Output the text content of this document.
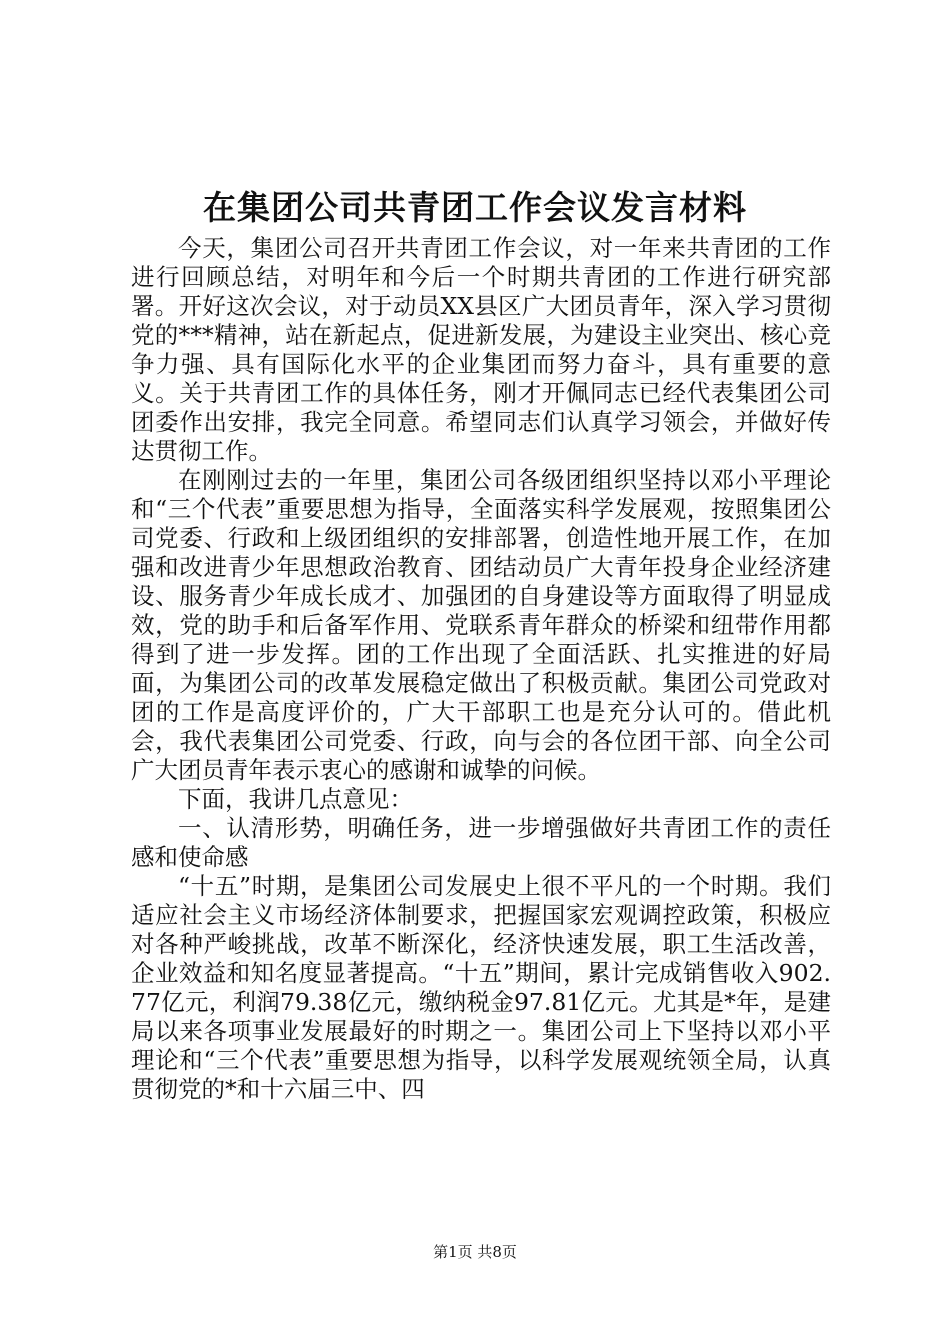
在集团公司共青团工作会议发言材料

今天，集团公司召开共青团工作会议，对一年来共青团的工作进行回顾总结，对明年和今后一个时期共青团的工作进行研究部署。开好这次会议，对于动员XX县区广大团员青年，深入学习贯彻党的***精神，站在新起点，促进新发展，为建设主业突出、核心竞争力强、具有国际化水平的企业集团而努力奋斗，具有重要的意义。关于共青团工作的具体任务，刚才开佩同志已经代表集团公司团委作出安排，我完全同意。希望同志们认真学习领会，并做好传达贯彻工作。

在刚刚过去的一年里，集团公司各级团组织坚持以邓小平理论和“三个代表”重要思想为指导，全面落实科学发展观，按照集团公司党委、行政和上级团组织的安排部署，创造性地开展工作，在加强和改进青少年思想政治教育、团结动员广大青年投身企业经济建设、服务青少年成长成才、加强团的自身建设等方面取得了明显成效，党的助手和后备军作用、党联系青年群众的桥梁和纽带作用都得到了进一步发挥。团的工作出现了全面活跃、扎实推进的好局面，为集团公司的改革发展稳定做出了积极贡献。集团公司党政对团的工作是高度评价的，广大干部职工也是充分认可的。借此机会，我代表集团公司党委、行政，向与会的各位团干部、向全公司广大团员青年表示衷心的感谢和诚挚的问候。

下面，我讲几点意见：

一、认清形势，明确任务，进一步增强做好共青团工作的责任感和使命感

“十五”时期，是集团公司发展史上很不平凡的一个时期。我们适应社会主义市场经济体制要求，把握国家宏观调控政策，积极应对各种严峻挑战，改革不断深化，经济快速发展，职工生活改善，企业效益和知名度显著提高。“十五”期间，累计完成销售收入902.77亿元，利润79.38亿元，缴纳税金97.81亿元。尤其是*年，是建局以来各项事业发展最好的时期之一。集团公司上下坚持以邓小平理论和“三个代表”重要思想为指导，以科学发展观统领全局，认真贯彻党的*和十六届三中、四

第1页 共8页
